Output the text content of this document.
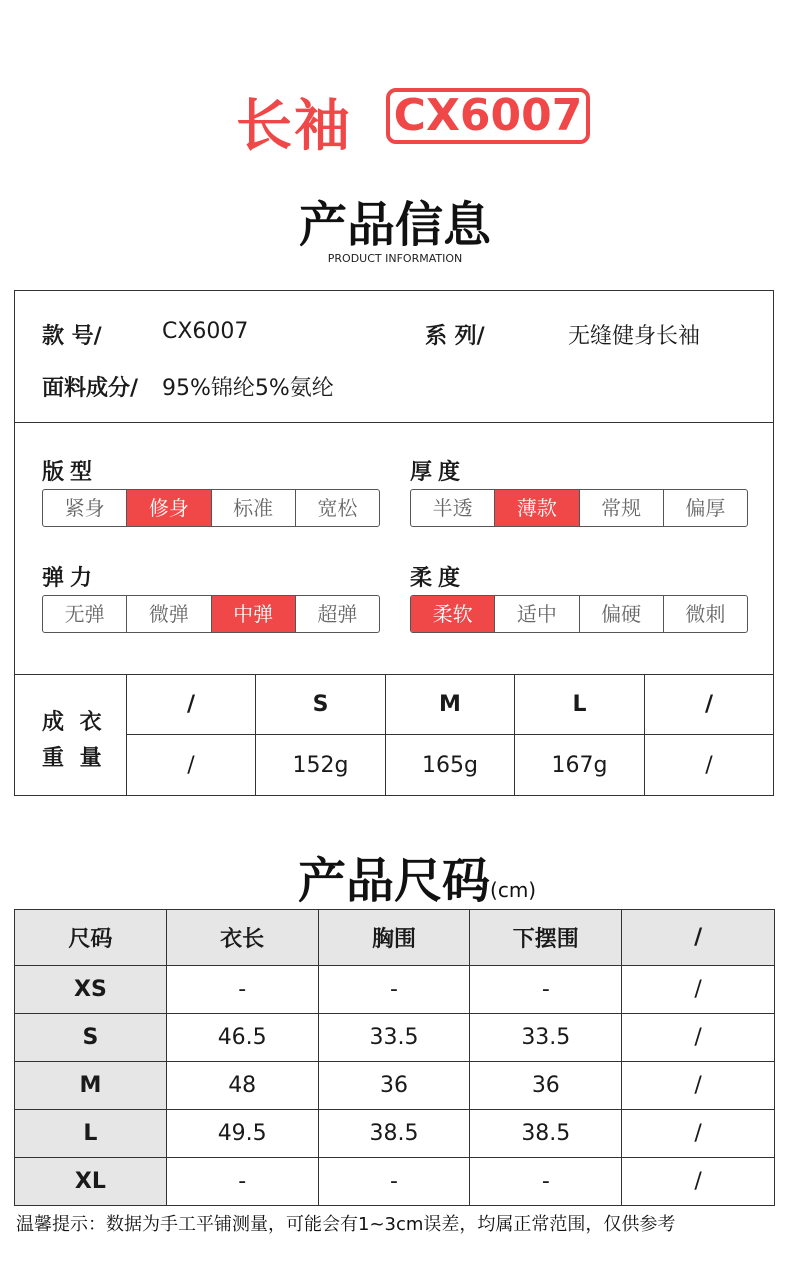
长袖 CX6007
产品信息
PRODUCT INFORMATION
款 号/	CX6007	系 列/	无缝健身长袖
面料成分/ 95%锦纶5%氨纶
版型
紧身	修身	标准	宽松
厚度
半透	薄款	常规	偏厚
弹力
无弹	微弹	中弹	超弹
柔度
柔软	适中	偏硬	微刺
成 衣
重 量
/	S	M	L	/
/	152g	165g	167g	/
产品尺码(cm)
尺码	衣长	胸围	下摆围	/
XS	-	-	-	/
S	46.5	33.5	33.5	/
M	48	36	36	/
L	49.5	38.5	38.5	/
XL	-	-	-	/
温馨提示：数据为手工平铺测量，可能会有1~3cm误差，均属正常范围，仅供参考
